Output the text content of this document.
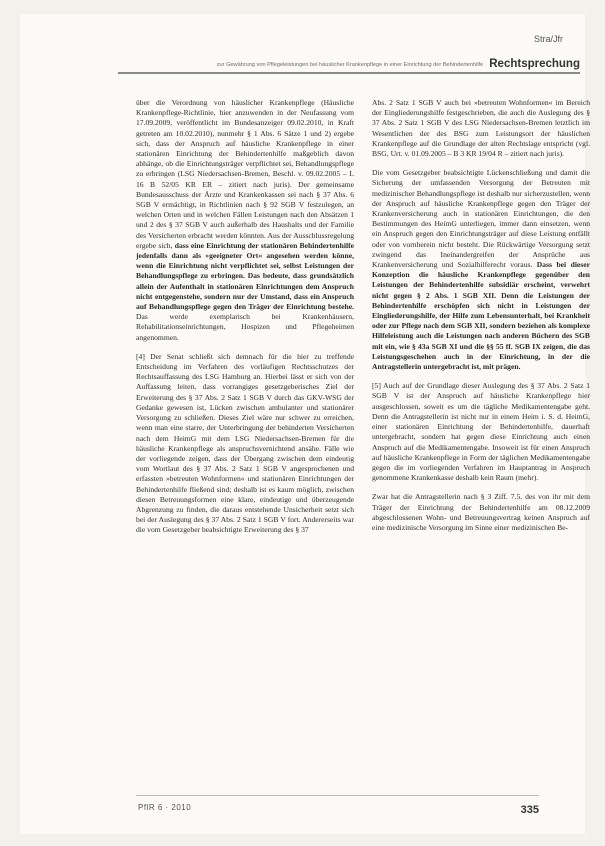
Stra/Jfr
zur Gewährung von Pflegeleistungen bei häuslicher Krankenpflege in einer Einrichtung der Behindertenhilfe Rechtsprechung

über die Verordnung von häuslicher Krankenpflege (Häusliche Krankenpflege-Richtlinie, hier anzuwenden in der Neufassung vom 17.09.2009, veröffentlicht im Bundesanzeiger 09.02.2010, in Kraft getreten am 10.02.2010), nunmehr § 1 Abs. 6 Sätze 1 und 2) ergebe sich, dass der Anspruch auf häusliche Krankenpflege in einer stationären Einrichtung der Behindertenhilfe maßgeblich davon abhänge, ob die Einrichtungsträger verpflichtet sei, Behandlungspflege zu erbringen (LSG Niedersachsen-Bremen, Beschl. v. 09.02.2005 – L 16 B 52/05 KR ER – zitiert nach juris). Der gemeinsame Bundesausschuss der Ärzte und Krankenkassen sei nach § 37 Abs. 6 SGB V ermächtigt, in Richtlinien nach § 92 SGB V festzulegen, an welchen Orten und in welchen Fällen Leistungen nach den Absätzen 1 und 2 des § 37 SGB V auch außerhalb des Haushalts und der Familie des Versicherten erbracht werden könnten. Aus der Ausschlussregelung ergebe sich, dass eine Einrichtung der stationären Behindertenhilfe jedenfalls dann als »geeigneter Ort« angesehen werden könne, wenn die Einrichtung nicht verpflichtet sei, selbst Leistungen der Behandlungspflege zu erbringen. Das bedeute, dass grundsätzlich allein der Aufenthalt in stationären Einrichtungen dem Anspruch nicht entgegenstehe, sondern nur der Umstand, dass ein Anspruch auf Behandlungspflege gegen den Träger der Einrichtung bestehe. Das werde exemplarisch bei Krankenhäusern, Rehabilitationseinrichtungen, Hospizen und Pflegeheimen angenommen.

[4] Der Senat schließt sich demnach für die hier zu treffende Entscheidung im Verfahren des vorläufigen Rechtsschutzes der Rechtsauffassung des LSG Hamburg an. Hierbei lässt er sich von der Auffassung leiten, dass vorrangiges gesetzgeberisches Ziel der Erweiterung des § 37 Abs. 2 Satz 1 SGB V durch das GKV-WSG der Gedanke gewesen ist, Lücken zwischen ambulanter und stationärer Versorgung zu schließen. Dieses Ziel wäre nur schwer zu erreichen, wenn man eine starre, der Unterbringung der behinderten Versicherten nach dem HeimG mit dem LSG Niedersachsen-Bremen für die häusliche Krankenpflege als anspruchsvernichtend ansähe. Fälle wie der vorliegende zeigen, dass der Übergang zwischen dem eindeutig vom Wortlaut des § 37 Abs. 2 Satz 1 SGB V angesprochenen und erfassten »betreuten Wohnformen« und stationären Einrichtungen der Behindertenhilfe fließend sind; deshalb ist es kaum möglich, zwischen diesen Betreuungsformen eine klare, eindeutige und überzeugende Abgrenzung zu finden, die daraus entstehende Unsicherheit setzt sich bei der Auslegung des § 37 Abs. 2 Satz 1 SGB V fort. Andererseits war die vom Gesetzgeber beabsichtigte Erweiterung des § 37

Abs. 2 Satz 1 SGB V auch bei »betreuten Wohnformen« im Bereich der Eingliederungshilfe festgeschrieben, die auch die Auslegung des § 37 Abs. 2 Satz 1 SGB V des LSG Niedersachsen-Bremen letztlich im Wesentlichen der des BSG zum Leistungsort der häuslichen Krankenpflege auf die Grundlage der alten Rechtslage entspricht (vgl. BSG, Urt. v. 01.09.2005 – B 3 KR 19/04 R – zitiert nach juris).

Die vom Gesetzgeber beabsichtigte Lückenschließung und damit die Sicherung der umfassenden Versorgung der Betreuten mit medizinischer Behandlungspflege ist deshalb nur sicherzustellen, wenn der Anspruch auf häusliche Krankenpflege gegen den Träger der Krankenversicherung auch in stationären Einrichtungen, die den Bestimmungen des HeimG unterliegen, immer dann einsetzen, wenn ein Anspruch gegen den Einrichtungsträger auf diese Leistung entfällt oder von vornherein nicht besteht. Die Rückwärtige Versorgung setzt zwingend das Ineinandergreifen der Ansprüche aus Krankenversicherung und Sozialhilferecht voraus. Dass bei dieser Konzeption die häusliche Krankenpflege gegenüber den Leistungen der Behindertenhilfe subsidiär erscheint, verwehrt nicht gegen § 2 Abs. 1 SGB XII. Denn die Leistungen der Behindertenhilfe erschöpfen sich nicht in Leistungen der Eingliederungshilfe, der Hilfe zum Lebensunterhalt, bei Krankheit oder zur Pflege nach dem SGB XII, sondern beziehen als komplexe Hilfeleistung auch die Leistungen nach anderen Büchern des SGB mit ein, wie § 43a SGB XI und die §§ 55 ff. SGB IX zeigen, die das Leistungsgeschehen auch in der Einrichtung, in der die Antragstellerin untergebracht ist, mit prägen.

[5] Auch auf der Grundlage dieser Auslegung des § 37 Abs. 2 Satz 1 SGB V ist der Anspruch auf häusliche Krankenpflege hier ausgeschlossen, soweit es um die tägliche Medikamentengabe geht. Denn die Antragstellerin ist nicht nur in einem Heim i. S. d. HeimG, einer stationären Einrichtung der Behindertenhilfe, dauerhaft untergebracht, sondern hat gegen diese Einrichtung auch einen Anspruch auf die Medikamentengabe. Insoweit ist für einen Anspruch auf häusliche Krankenpflege in Form der täglichen Medikamentengabe gegen die im vorliegenden Verfahren im Hauptantrag in Anspruch genommene Krankenkasse deshalb kein Raum (mehr).

Zwar hat die Antragstellerin nach § 3 Ziff. 7.5. des von ihr mit dem Träger der Einrichtung der Behindertenhilfe am 08.12.2009 abgeschlossenen Wohn- und Betreuungsvertrag keinen Anspruch auf eine medizinische Versorgung im Sinne einer medizinischen Be-

PflR 6 · 2010	335
